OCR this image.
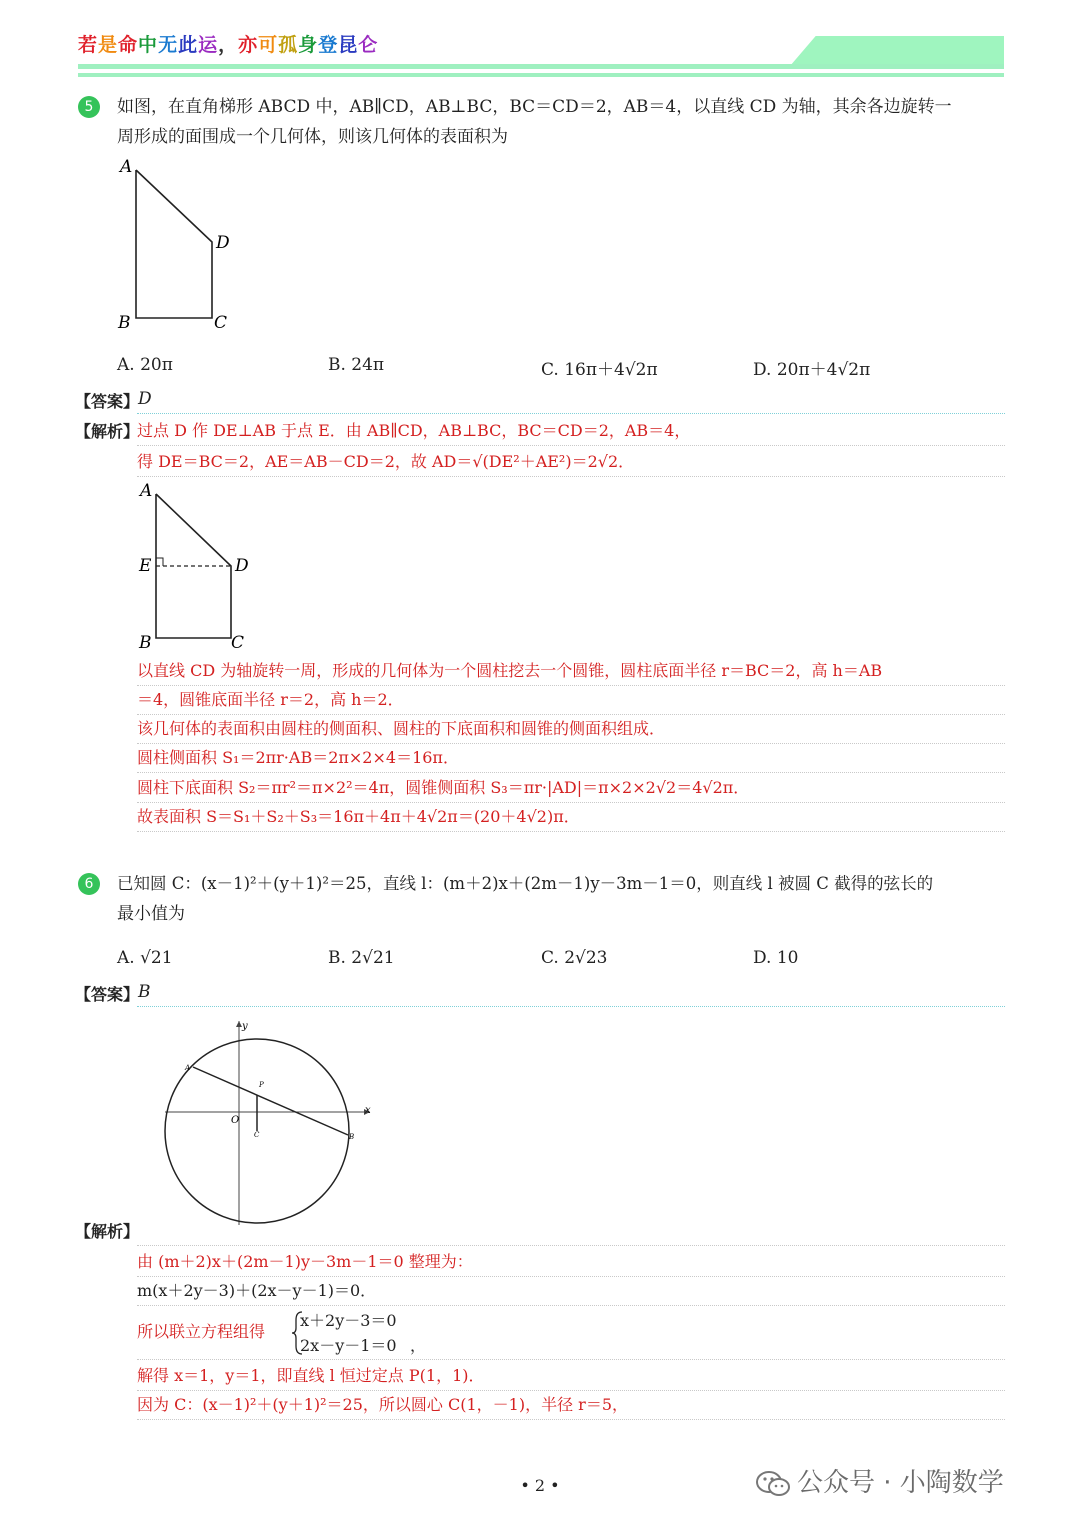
若是命中无此运，亦可孤身登昆仑
5	如图，在直角梯形 ABCD 中，AB∥CD，AB⊥BC，BC＝CD＝2，AB＝4，以直线 CD 为轴，其余各边旋转一
周形成的面围成一个几何体，则该几何体的表面积为
A
D
B	C
A. 20π	B. 24π	C. 16π＋4√2π	D. 20π＋4√2π
【答案】
D
【解析】
过点 D 作 DE⊥AB 于点 E．由 AB∥CD，AB⊥BC，BC＝CD＝2，AB＝4，
得 DE＝BC＝2，AE＝AB－CD＝2，故 AD＝√(DE²＋AE²)＝2√2．
A
E	D
B	C
以直线 CD 为轴旋转一周，形成的几何体为一个圆柱挖去一个圆锥，圆柱底面半径 r＝BC＝2，高 h＝AB
＝4，圆锥底面半径 r＝2，高 h＝2．
该几何体的表面积由圆柱的侧面积、圆柱的下底面积和圆锥的侧面积组成．
圆柱侧面积 S₁＝2πr·AB＝2π×2×4＝16π．
圆柱下底面积 S₂＝πr²＝π×2²＝4π，圆锥侧面积 S₃＝πr·|AD|＝π×2×2√2＝4√2π．
故表面积 S＝S₁＋S₂＋S₃＝16π＋4π＋4√2π＝(20＋4√2)π．
6	已知圆 C：(x－1)²＋(y＋1)²＝25，直线 l：(m＋2)x＋(2m－1)y－3m－1＝0，则直线 l 被圆 C 截得的弦长的
最小值为
A. √21	B. 2√21	C. 2√23	D. 10
【答案】
B
y
x
O
A
B
P
C
【解析】
由 (m＋2)x＋(2m－1)y－3m－1＝0 整理为：
m(x＋2y－3)＋(2x－y－1)＝0．
所以联立方程组得
x＋2y－3＝0
2x－y－1＝0 ，
解得 x＝1，y＝1，即直线 l 恒过定点 P(1，1)．
因为 C：(x－1)²＋(y＋1)²＝25，所以圆心 C(1，－1)，半径 r＝5，
• 2 •	公众号 · 小陶数学
